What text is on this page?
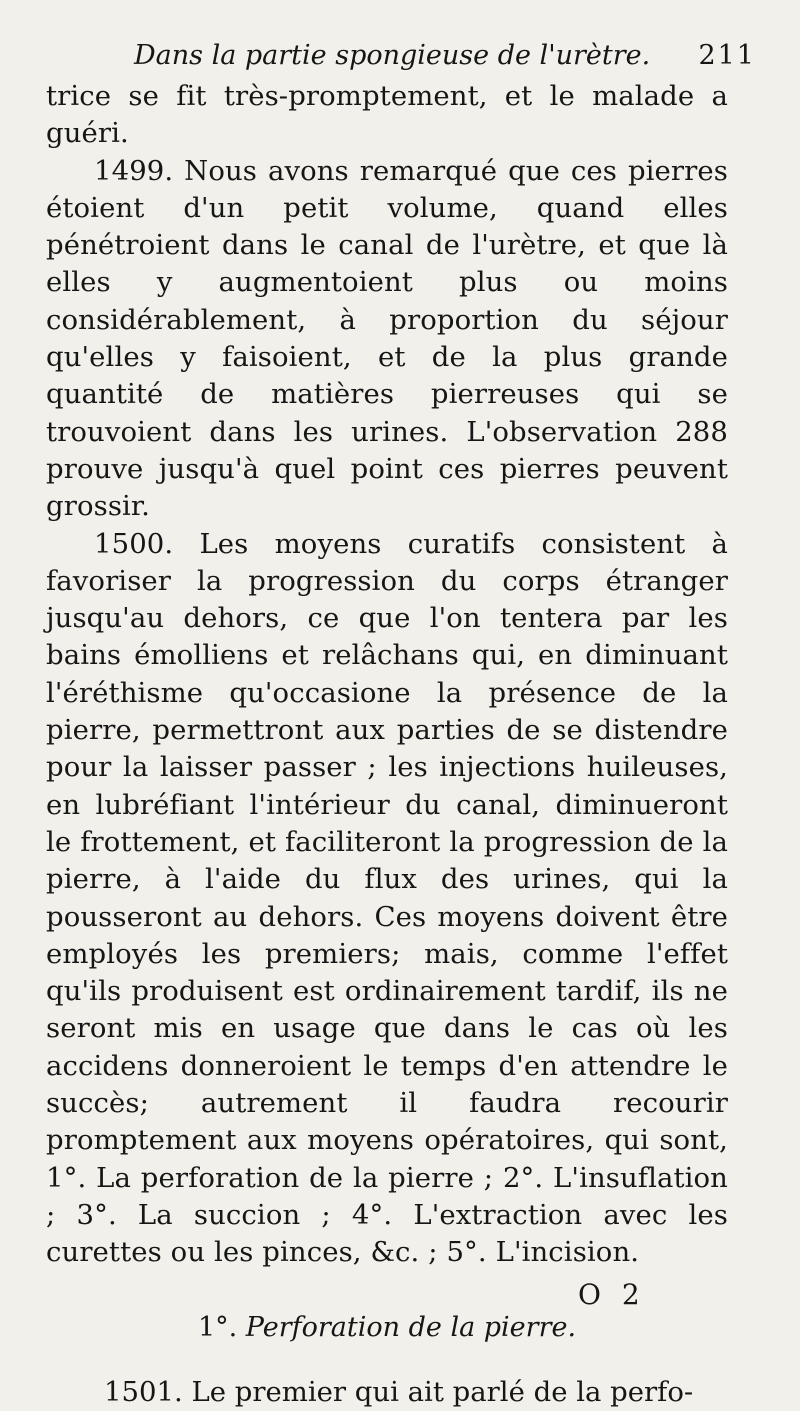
Dans la partie spongieuse de l'urètre. 211

trice se fit très-promptement, et le malade a guéri.

1499. Nous avons remarqué que ces pierres étoient d'un petit volume, quand elles pénétroient dans le canal de l'urètre, et que là elles y augmentoient plus ou moins considérablement, à proportion du séjour qu'elles y faisoient, et de la plus grande quantité de matières pierreuses qui se trouvoient dans les urines. L'observation 288 prouve jusqu'à quel point ces pierres peuvent grossir.

1500. Les moyens curatifs consistent à favoriser la progression du corps étranger jusqu'au dehors, ce que l'on tentera par les bains émolliens et relâchans qui, en diminuant l'éréthisme qu'occasione la présence de la pierre, permettront aux parties de se distendre pour la laisser passer ; les injections huileuses, en lubréfiant l'intérieur du canal, diminueront le frottement, et faciliteront la progression de la pierre, à l'aide du flux des urines, qui la pousseront au dehors. Ces moyens doivent être employés les premiers; mais, comme l'effet qu'ils produisent est ordinairement tardif, ils ne seront mis en usage que dans le cas où les accidens donneroient le temps d'en attendre le succès; autrement il faudra recourir promptement aux moyens opératoires, qui sont, 1°. La perforation de la pierre ; 2°. L'insuflation ; 3°. La succion ; 4°. L'extraction avec les curettes ou les pinces, &c. ; 5°. L'incision.

1°. Perforation de la pierre.
1501. Le premier qui ait parlé de la perfo-
O 2
